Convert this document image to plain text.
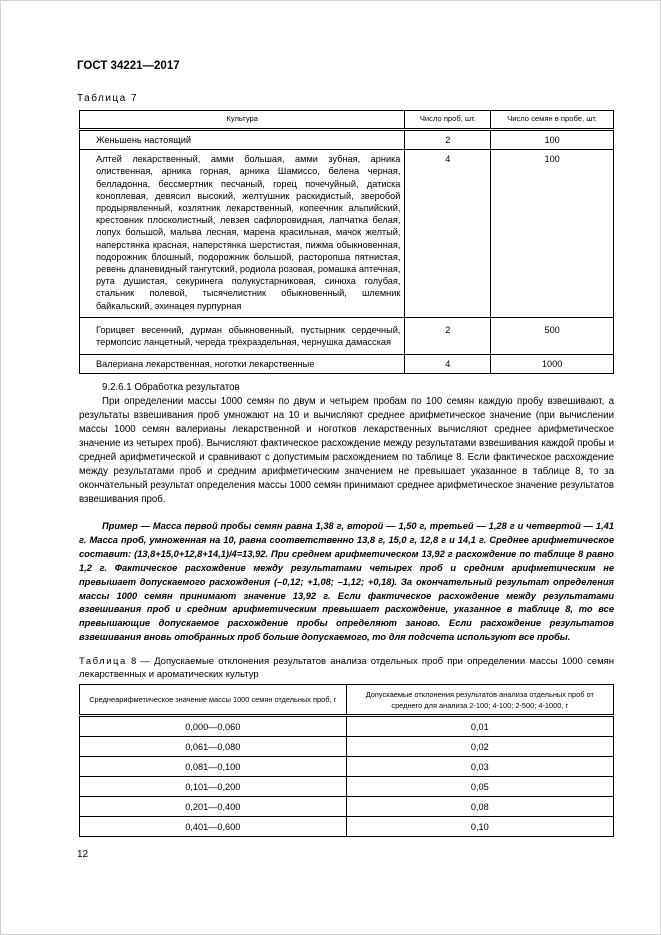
ГОСТ 34221—2017
Таблица 7
Культура	Число проб, шт.	Число семян в пробе, шт.
Женьшень настоящий	2	100
Алтей лекарственный, амми большая, амми зубная, арника олиственная, арника горная, арника Шамиссо, белена черная, белладонна, бессмертник песчаный, горец почечуйный, датиска коноплевая, девясил высокий, желтушник раскидистый, зверобой продырявленный, козлятник лекарственный, копеечник альпийский, крестовник плосколистный, левзея сафлоровидная, лапчатка белая, лопух большой, мальва лесная, марена красильная, мачок желтый, наперстянка красная, наперстянка шерстистая, пижма обыкновенная, подорожник блошный, подорожник большой, расторопша пятнистая, ревень дланевидный тангутский, родиола розовая, ромашка аптечная, рута душистая, секуринега полукустарниковая, синюха голубая, стальник полевой, тысячелистник обыкновенный, шлемник байкальский, эхинацея пурпурная	4	100
Горицвет весенний, дурман обыкновенный, пустырник сердечный, термопсис ланцетный, череда трехраздельная, чернушка дамасская	2	500
Валериана лекарственная, ноготки лекарственные	4	1000
9.2.6.1 Обработка результатов
При определении массы 1000 семян по двум и четырем пробам по 100 семян каждую пробу взвешивают, а результаты взвешивания проб умножают на 10 и вычисляют среднее арифметическое значение (при вычислении массы 1000 семян валерианы лекарственной и ноготков лекарственных вычисляют среднее арифметическое значение из четырех проб). Вычисляют фактическое расхождение между результатами взвешивания каждой пробы и средней арифметической и сравнивают с допустимым расхождением по таблице 8. Если фактическое расхождение между результатами проб и средним арифметическим значением не превышает указанное в таблице 8, то за окончательный результат определения массы 1000 семян принимают среднее арифметическое значение результатов взвешивания проб.
Пример — Масса первой пробы семян равна 1,38 г, второй — 1,50 г, третьей — 1,28 г и четвертой — 1,41 г. Масса проб, умноженная на 10, равна соответственно 13,8 г, 15,0 г, 12,8 г и 14,1 г. Среднее арифметическое составит: (13,8+15,0+12,8+14,1)/4=13,92. При среднем арифметическом 13,92 г расхождение по таблице 8 равно 1,2 г. Фактическое расхождение между результатами четырех проб и средним арифметическим не превышает допускаемого расхождения (–0,12; +1,08; –1,12; +0,18). За окончательный результат определения массы 1000 семян принимают значение 13,92 г. Если фактическое расхождение между результатами взвешивания проб и средним арифметическим превышает расхождение, указанное в таблице 8, то все превышающие допускаемое расхождение пробы определяют заново. Если расхождение результатов взвешивания вновь отобранных проб больше допускаемого, то для подсчета используют все пробы.
Таблица 8 — Допускаемые отклонения результатов анализа отдельных проб при определении массы 1000 семян лекарственных и ароматических культур
Среднеарифметическое значение массы 1000 семян отдельных проб, г	Допускаемые отклонения результатов анализа отдельных проб от среднего для анализа 2-100; 4-100; 2-500; 4-1000, г
0,000—0,060	0,01
0,061—0,080	0,02
0,081—0,100	0,03
0,101—0,200	0,05
0,201—0,400	0,08
0,401—0,600	0,10
12
